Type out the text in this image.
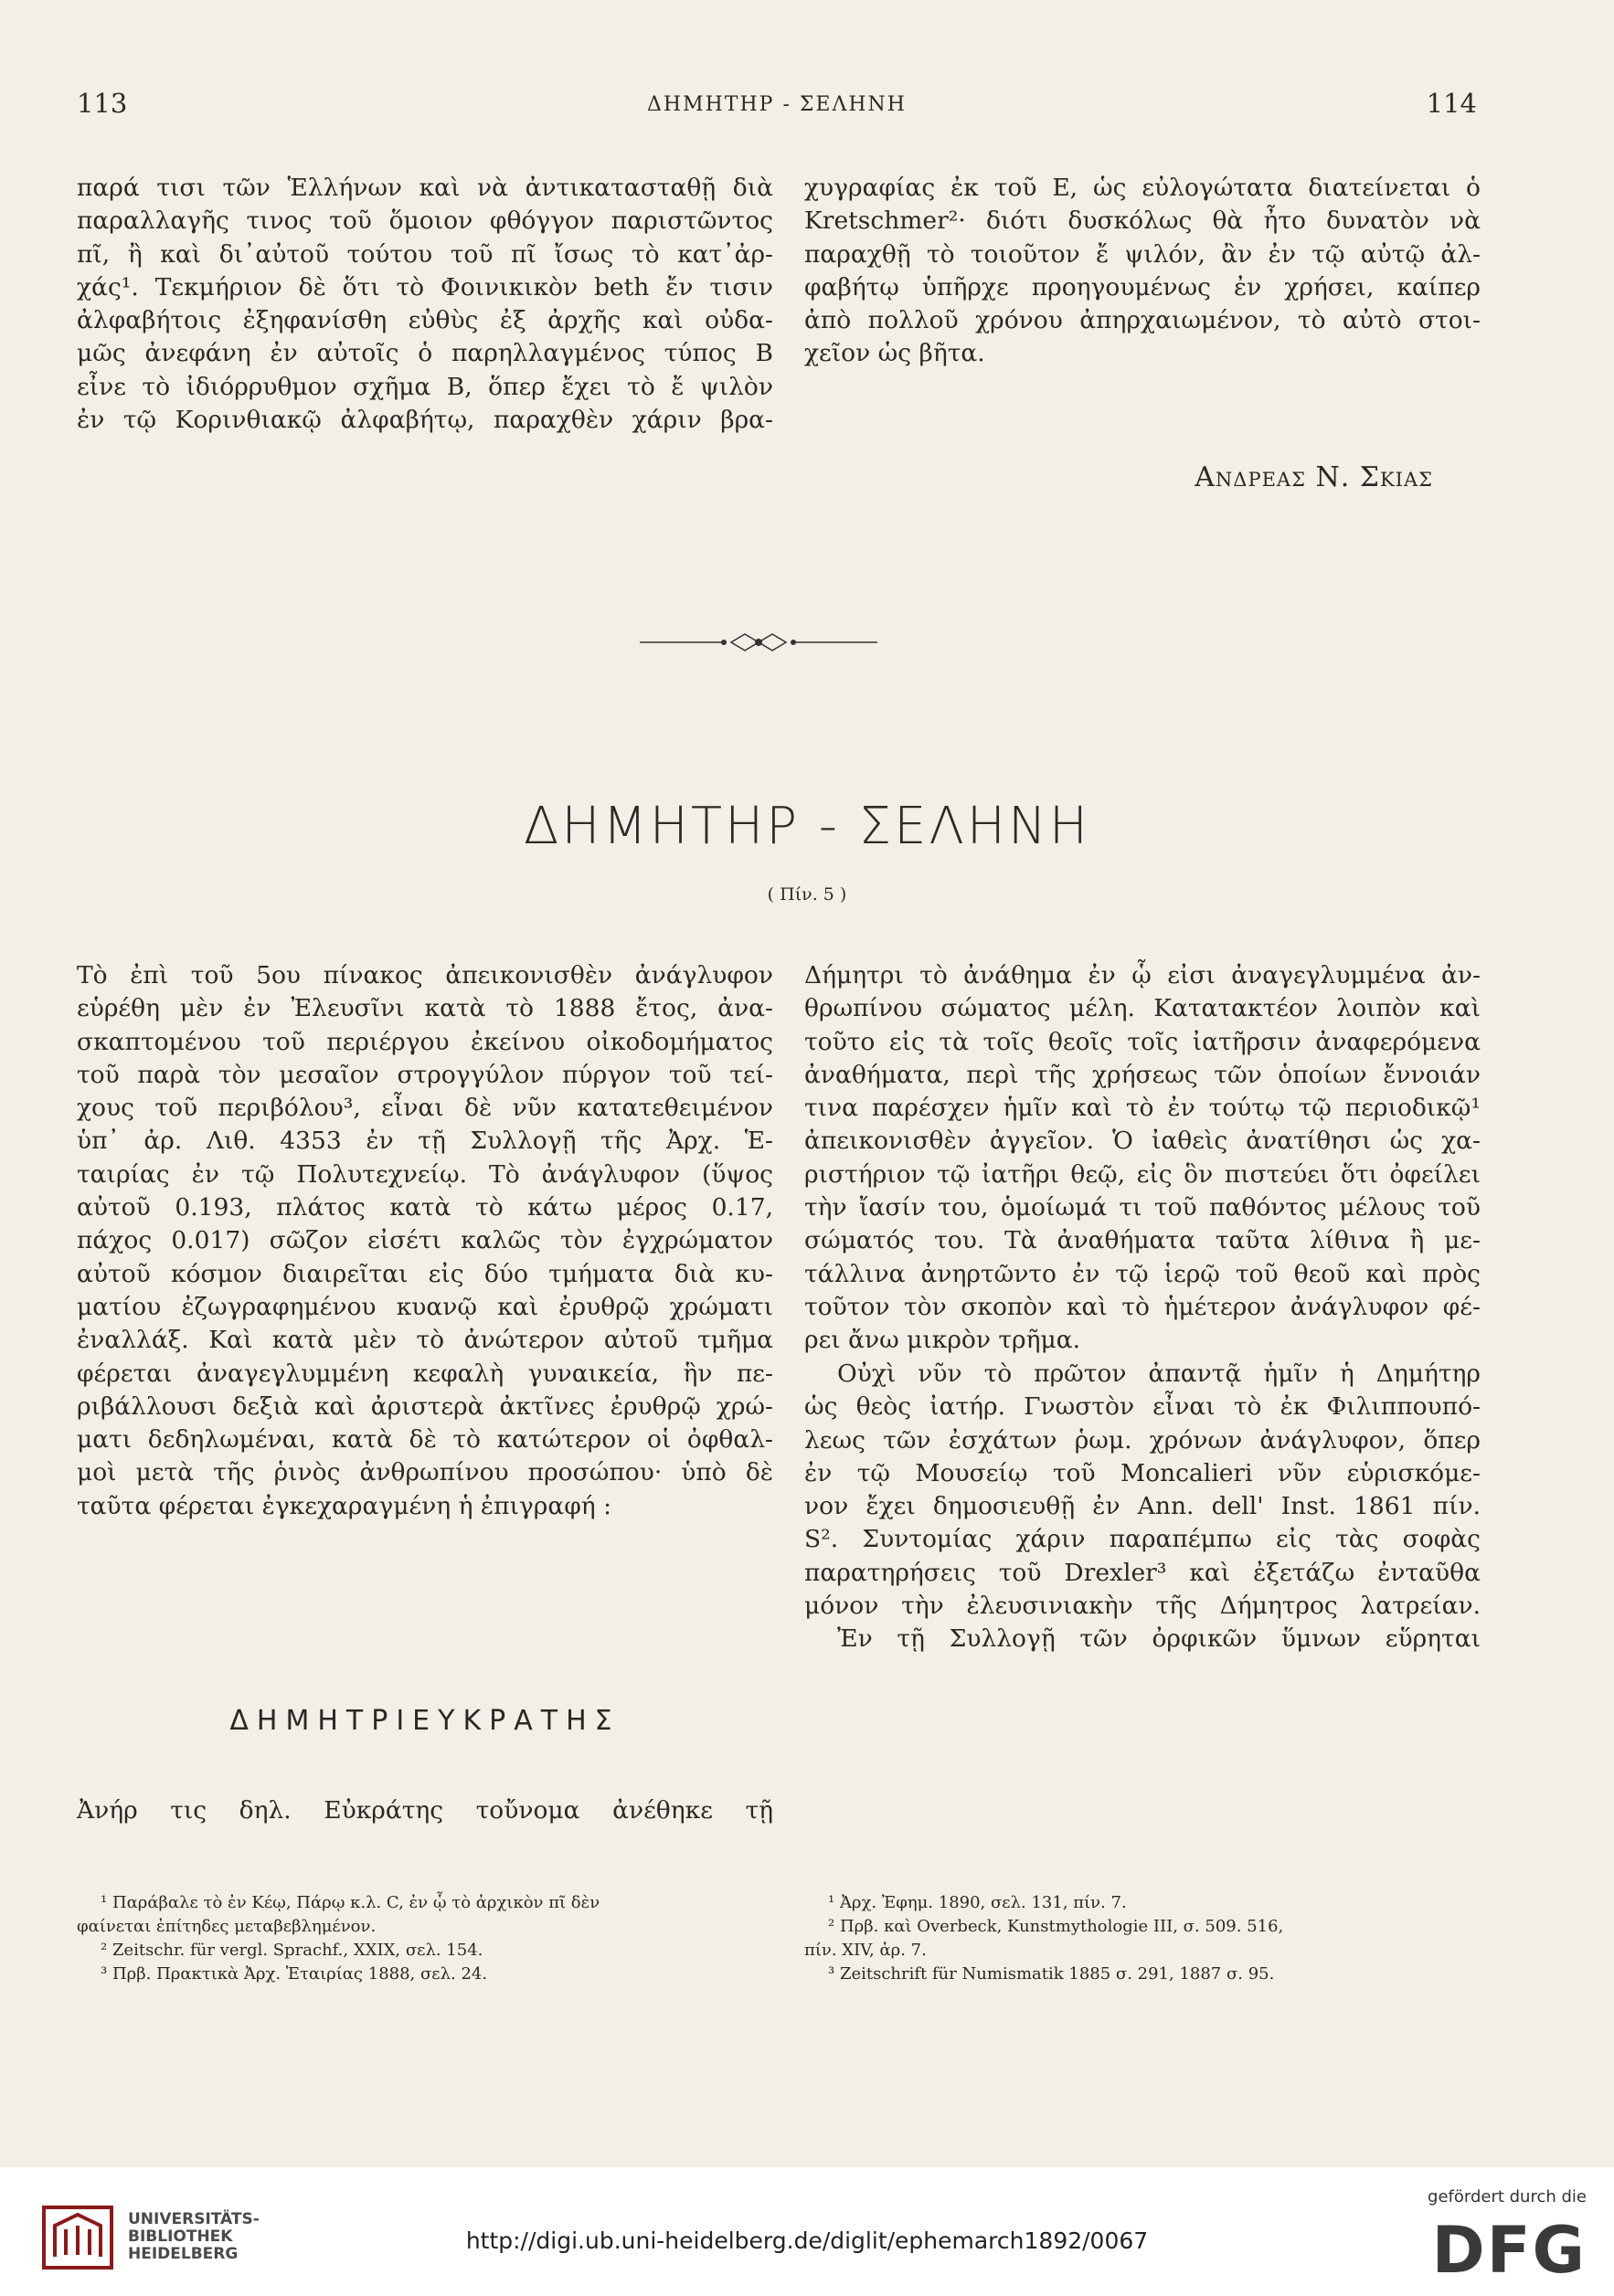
113	ΔΗΜΗΤΗΡ - ΣΕΛΗΝΗ	114
παρά τισι τῶν Ἑλλήνων καὶ νὰ ἀντικατασταθῇ διὰ
παραλλαγῆς τινος τοῦ ὅμοιον φθόγγον παριστῶντος
πῖ, ἢ καὶ δι᾽αὐτοῦ τούτου τοῦ πῖ ἴσως τὸ κατ᾽ἀρ-
χάς¹. Τεκμήριον δὲ ὅτι τὸ Φοινικικὸν beth ἔν τισιν
ἀλφαβήτοις ἐξηφανίσθη εὐθὺς ἐξ ἀρχῆς καὶ οὐδα-
μῶς ἀνεφάνη ἐν αὐτοῖς ὁ παρηλλαγμένος τύπος Β
εἶνε τὸ ἰδιόρρυθμον σχῆμα Β, ὅπερ ἔχει τὸ ἔ ψιλὸν
ἐν τῷ Κορινθιακῷ ἀλφαβήτῳ, παραχθὲν χάριν βρα-
χυγραφίας ἐκ τοῦ Ε, ὡς εὐλογώτατα διατείνεται ὁ
Kretschmer²· διότι δυσκόλως θὰ ἦτο δυνατὸν νὰ
παραχθῇ τὸ τοιοῦτον ἔ ψιλόν, ἂν ἐν τῷ αὐτῷ ἀλ-
φαβήτῳ ὑπῆρχε προηγουμένως ἐν χρήσει, καίπερ
ἀπὸ πολλοῦ χρόνου ἀπηρχαιωμένον, τὸ αὐτὸ στοι-
χεῖον ὡς βῆτα.
Ανδρεας Ν. Σκιας
ΔΗΜΗΤΗΡ - ΣΕΛΗΝΗ
( Πίν. 5 )
Τὸ ἐπὶ τοῦ 5ου πίνακος ἀπεικονισθὲν ἀνάγλυφον
εὑρέθη μὲν ἐν Ἐλευσῖνι κατὰ τὸ 1888 ἔτος, ἀνα-
σκαπτομένου τοῦ περιέργου ἐκείνου οἰκοδομήματος
τοῦ παρὰ τὸν μεσαῖον στρογγύλον πύργον τοῦ τεί-
χους τοῦ περιβόλου³, εἶναι δὲ νῦν κατατεθειμένον
ὑπ᾽ ἀρ. Λιθ. 4353 ἐν τῇ Συλλογῇ τῆς Ἀρχ. Ἑ-
ταιρίας ἐν τῷ Πολυτεχνείῳ. Τὸ ἀνάγλυφον (ὕψος
αὐτοῦ 0.193, πλάτος κατὰ τὸ κάτω μέρος 0.17,
πάχος 0.017) σῶζον εἰσέτι καλῶς τὸν ἐγχρώματον
αὐτοῦ κόσμον διαιρεῖται εἰς δύο τμήματα διὰ κυ-
ματίου ἐζωγραφημένου κυανῷ καὶ ἐρυθρῷ χρώματι
ἐναλλάξ. Καὶ κατὰ μὲν τὸ ἀνώτερον αὐτοῦ τμῆμα
φέρεται ἀναγεγλυμμένη κεφαλὴ γυναικεία, ἣν πε-
ριβάλλουσι δεξιὰ καὶ ἀριστερὰ ἀκτῖνες ἐρυθρῷ χρώ-
ματι δεδηλωμέναι, κατὰ δὲ τὸ κατώτερον οἱ ὀφθαλ-
μοὶ μετὰ τῆς ῥινὸς ἀνθρωπίνου προσώπου· ὑπὸ δὲ
ταῦτα φέρεται ἐγκεχαραγμένη ἡ ἐπιγραφή :
ΔΗΜΗΤΡΙΕΥΚΡΑΤΗΣ
Ἀνήρ τις δηλ. Εὐκράτης τοὔνομα ἀνέθηκε τῇ
Δήμητρι τὸ ἀνάθημα ἐν ᾧ εἰσι ἀναγεγλυμμένα ἀν-
θρωπίνου σώματος μέλη. Κατατακτέον λοιπὸν καὶ
τοῦτο εἰς τὰ τοῖς θεοῖς τοῖς ἰατῆρσιν ἀναφερόμενα
ἀναθήματα, περὶ τῆς χρήσεως τῶν ὁποίων ἔννοιάν
τινα παρέσχεν ἡμῖν καὶ τὸ ἐν τούτῳ τῷ περιοδικῷ¹
ἀπεικονισθὲν ἀγγεῖον. Ὁ ἰαθεὶς ἀνατίθησι ὡς χα-
ριστήριον τῷ ἰατῆρι θεῷ, εἰς ὃν πιστεύει ὅτι ὀφείλει
τὴν ἴασίν του, ὁμοίωμά τι τοῦ παθόντος μέλους τοῦ
σώματός του. Τὰ ἀναθήματα ταῦτα λίθινα ἢ με-
τάλλινα ἀνηρτῶντο ἐν τῷ ἱερῷ τοῦ θεοῦ καὶ πρὸς
τοῦτον τὸν σκοπὸν καὶ τὸ ἡμέτερον ἀνάγλυφον φέ-
ρει ἄνω μικρὸν τρῆμα.
Οὐχὶ νῦν τὸ πρῶτον ἀπαντᾷ ἡμῖν ἡ Δημήτηρ
ὡς θεὸς ἰατήρ. Γνωστὸν εἶναι τὸ ἐκ Φιλιππουπό-
λεως τῶν ἐσχάτων ῥωμ. χρόνων ἀνάγλυφον, ὅπερ
ἐν τῷ Μουσείῳ τοῦ Moncalieri νῦν εὑρισκόμε-
νον ἔχει δημοσιευθῇ ἐν Ann. dell' Inst. 1861 πίν.
S². Συντομίας χάριν παραπέμπω εἰς τὰς σοφὰς
παρατηρήσεις τοῦ Drexler³ καὶ ἐξετάζω ἐνταῦθα
μόνον τὴν ἐλευσινιακὴν τῆς Δήμητρος λατρείαν.
Ἐν τῇ Συλλογῇ τῶν ὀρφικῶν ὕμνων εὕρηται
¹ Παράβαλε τὸ ἐν Κέῳ, Πάρῳ κ.λ. C, ἐν ᾧ τὸ ἀρχικὸν πῖ δὲν
φαίνεται ἐπίτηδες μεταβεβλημένον.
² Zeitschr. für vergl. Sprachf., XXIX, σελ. 154.
³ Πρβ. Πρακτικὰ Ἀρχ. Ἑταιρίας 1888, σελ. 24.
¹ Ἀρχ. Ἐφημ. 1890, σελ. 131, πίν. 7.
² Πρβ. καὶ Overbeck, Kunstmythologie III, σ. 509. 516,
πίν. XIV, ἀρ. 7.
³ Zeitschrift für Numismatik 1885 σ. 291, 1887 σ. 95.
UNIVERSITÄTS-
BIBLIOTHEK
HEIDELBERG	http://digi.ub.uni-heidelberg.de/diglit/ephemarch1892/0067
gefördert durch die
DFG
